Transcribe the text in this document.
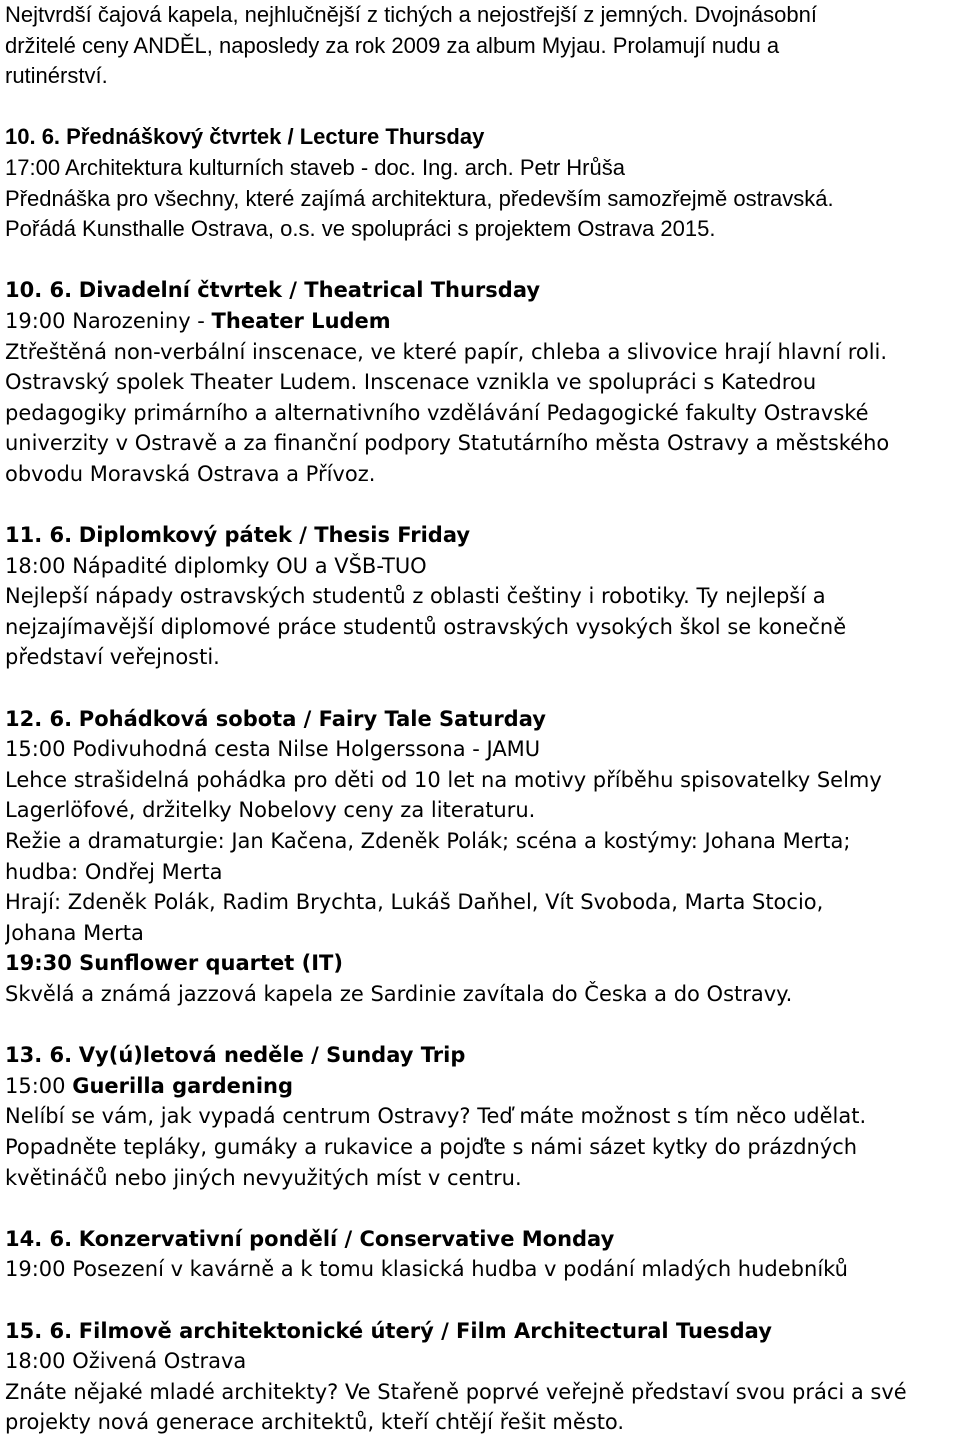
Nejtvrdší čajová kapela, nejhlučnější z tichých a nejostřejší z jemných. Dvojnásobní
držitelé ceny ANDĚL, naposledy za rok 2009 za album Myjau. Prolamují nudu a
rutinérství.
10. 6. Přednáškový čtvrtek / Lecture Thursday
17:00 Architektura kulturních staveb - doc. Ing. arch. Petr Hrůša
Přednáška pro všechny, které zajímá architektura, především samozřejmě ostravská.
Pořádá Kunsthalle Ostrava, o.s. ve spolupráci s projektem Ostrava 2015.
10. 6. Divadelní čtvrtek / Theatrical Thursday
19:00 Narozeniny - Theater Ludem
Ztřeštěná non-verbální inscenace, ve které papír, chleba a slivovice hrají hlavní roli.
Ostravský spolek Theater Ludem. Inscenace vznikla ve spolupráci s Katedrou
pedagogiky primárního a alternativního vzdělávání Pedagogické fakulty Ostravské
univerzity v Ostravě a za finanční podpory Statutárního města Ostravy a městského
obvodu Moravská Ostrava a Přívoz.
11. 6. Diplomkový pátek / Thesis Friday
18:00 Nápadité diplomky OU a VŠB-TUO
Nejlepší nápady ostravských studentů z oblasti češtiny i robotiky. Ty nejlepší a
nejzajímavější diplomové práce studentů ostravských vysokých škol se konečně
představí veřejnosti.
12. 6. Pohádková sobota / Fairy Tale Saturday
15:00 Podivuhodná cesta Nilse Holgerssona - JAMU
Lehce strašidelná pohádka pro děti od 10 let na motivy příběhu spisovatelky Selmy
Lagerlöfové, držitelky Nobelovy ceny za literaturu.
Režie a dramaturgie: Jan Kačena, Zdeněk Polák; scéna a kostýmy: Johana Merta;
hudba: Ondřej Merta
Hrají: Zdeněk Polák, Radim Brychta, Lukáš Daňhel, Vít Svoboda, Marta Stocio,
Johana Merta
19:30 Sunflower quartet (IT)
Skvělá a známá jazzová kapela ze Sardinie zavítala do Česka a do Ostravy.
13. 6. Vy(ú)letová neděle / Sunday Trip
15:00 Guerilla gardening
Nelíbí se vám, jak vypadá centrum Ostravy? Teď máte možnost s tím něco udělat.
Popadněte tepláky, gumáky a rukavice a pojďte s námi sázet kytky do prázdných
květináčů nebo jiných nevyužitých míst v centru.
14. 6. Konzervativní pondělí / Conservative Monday
19:00 Posezení v kavárně a k tomu klasická hudba v podání mladých hudebníků
15. 6. Filmově architektonické úterý / Film Architectural Tuesday
18:00 Oživená Ostrava
Znáte nějaké mladé architekty? Ve Stařeně poprvé veřejně představí svou práci a své
projekty nová generace architektů, kteří chtějí řešit město.
